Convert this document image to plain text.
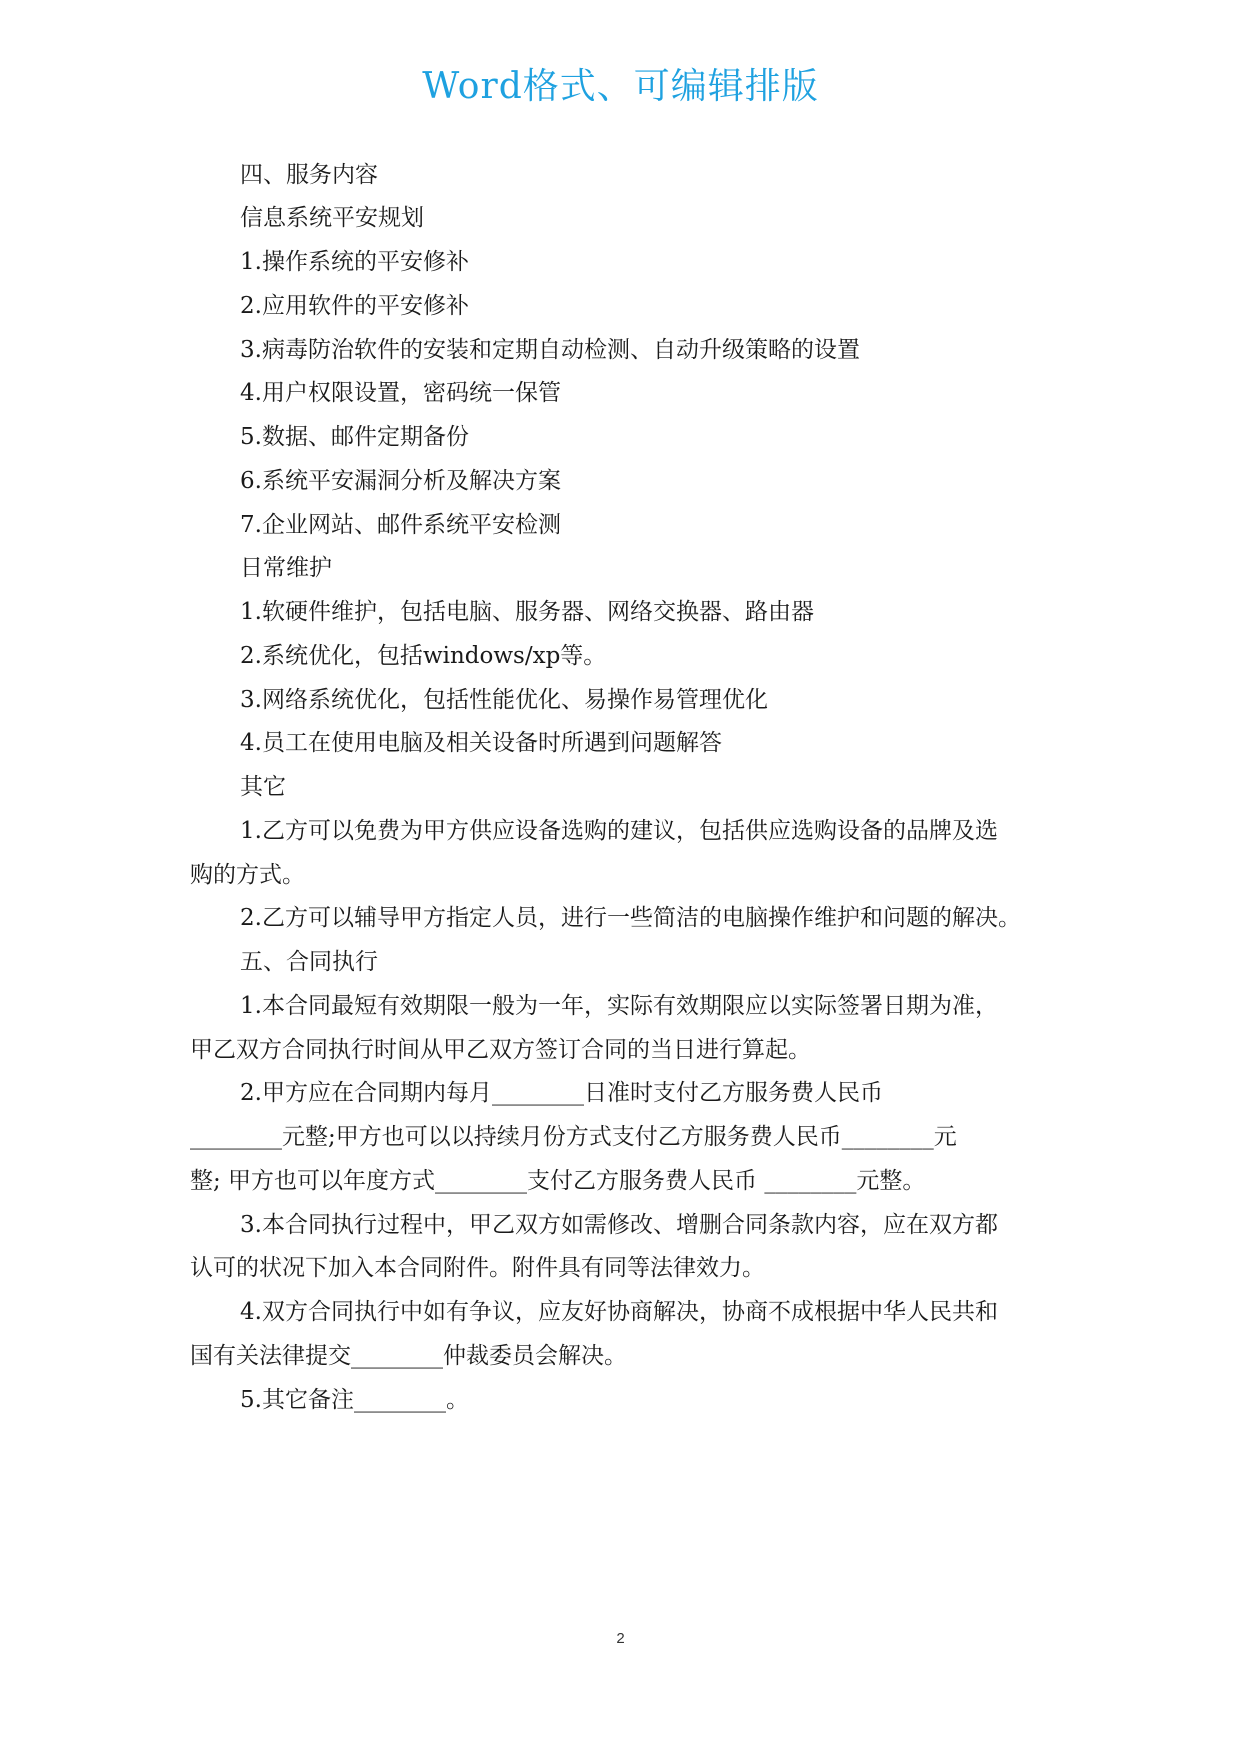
Word格式、可编辑排版
四、服务内容
信息系统平安规划
1.操作系统的平安修补
2.应用软件的平安修补
3.病毒防治软件的安装和定期自动检测、自动升级策略的设置
4.用户权限设置，密码统一保管
5.数据、邮件定期备份
6.系统平安漏洞分析及解决方案
7.企业网站、邮件系统平安检测
日常维护
1.软硬件维护，包括电脑、服务器、网络交换器、路由器
2.系统优化，包括windows/xp等。
3.网络系统优化，包括性能优化、易操作易管理优化
4.员工在使用电脑及相关设备时所遇到问题解答
其它
1.乙方可以免费为甲方供应设备选购的建议，包括供应选购设备的品牌及选
购的方式。
2.乙方可以辅导甲方指定人员，进行一些简洁的电脑操作维护和问题的解决。
五、合同执行
1.本合同最短有效期限一般为一年，实际有效期限应以实际签署日期为准，
甲乙双方合同执行时间从甲乙双方签订合同的当日进行算起。
2.甲方应在合同期内每月________日准时支付乙方服务费人民币
________元整;甲方也可以以持续月份方式支付乙方服务费人民币________元
整; 甲方也可以年度方式________支付乙方服务费人民币 ________元整。
3.本合同执行过程中，甲乙双方如需修改、增删合同条款内容，应在双方都
认可的状况下加入本合同附件。附件具有同等法律效力。
4.双方合同执行中如有争议，应友好协商解决，协商不成根据中华人民共和
国有关法律提交________仲裁委员会解决。
5.其它备注________。
2
